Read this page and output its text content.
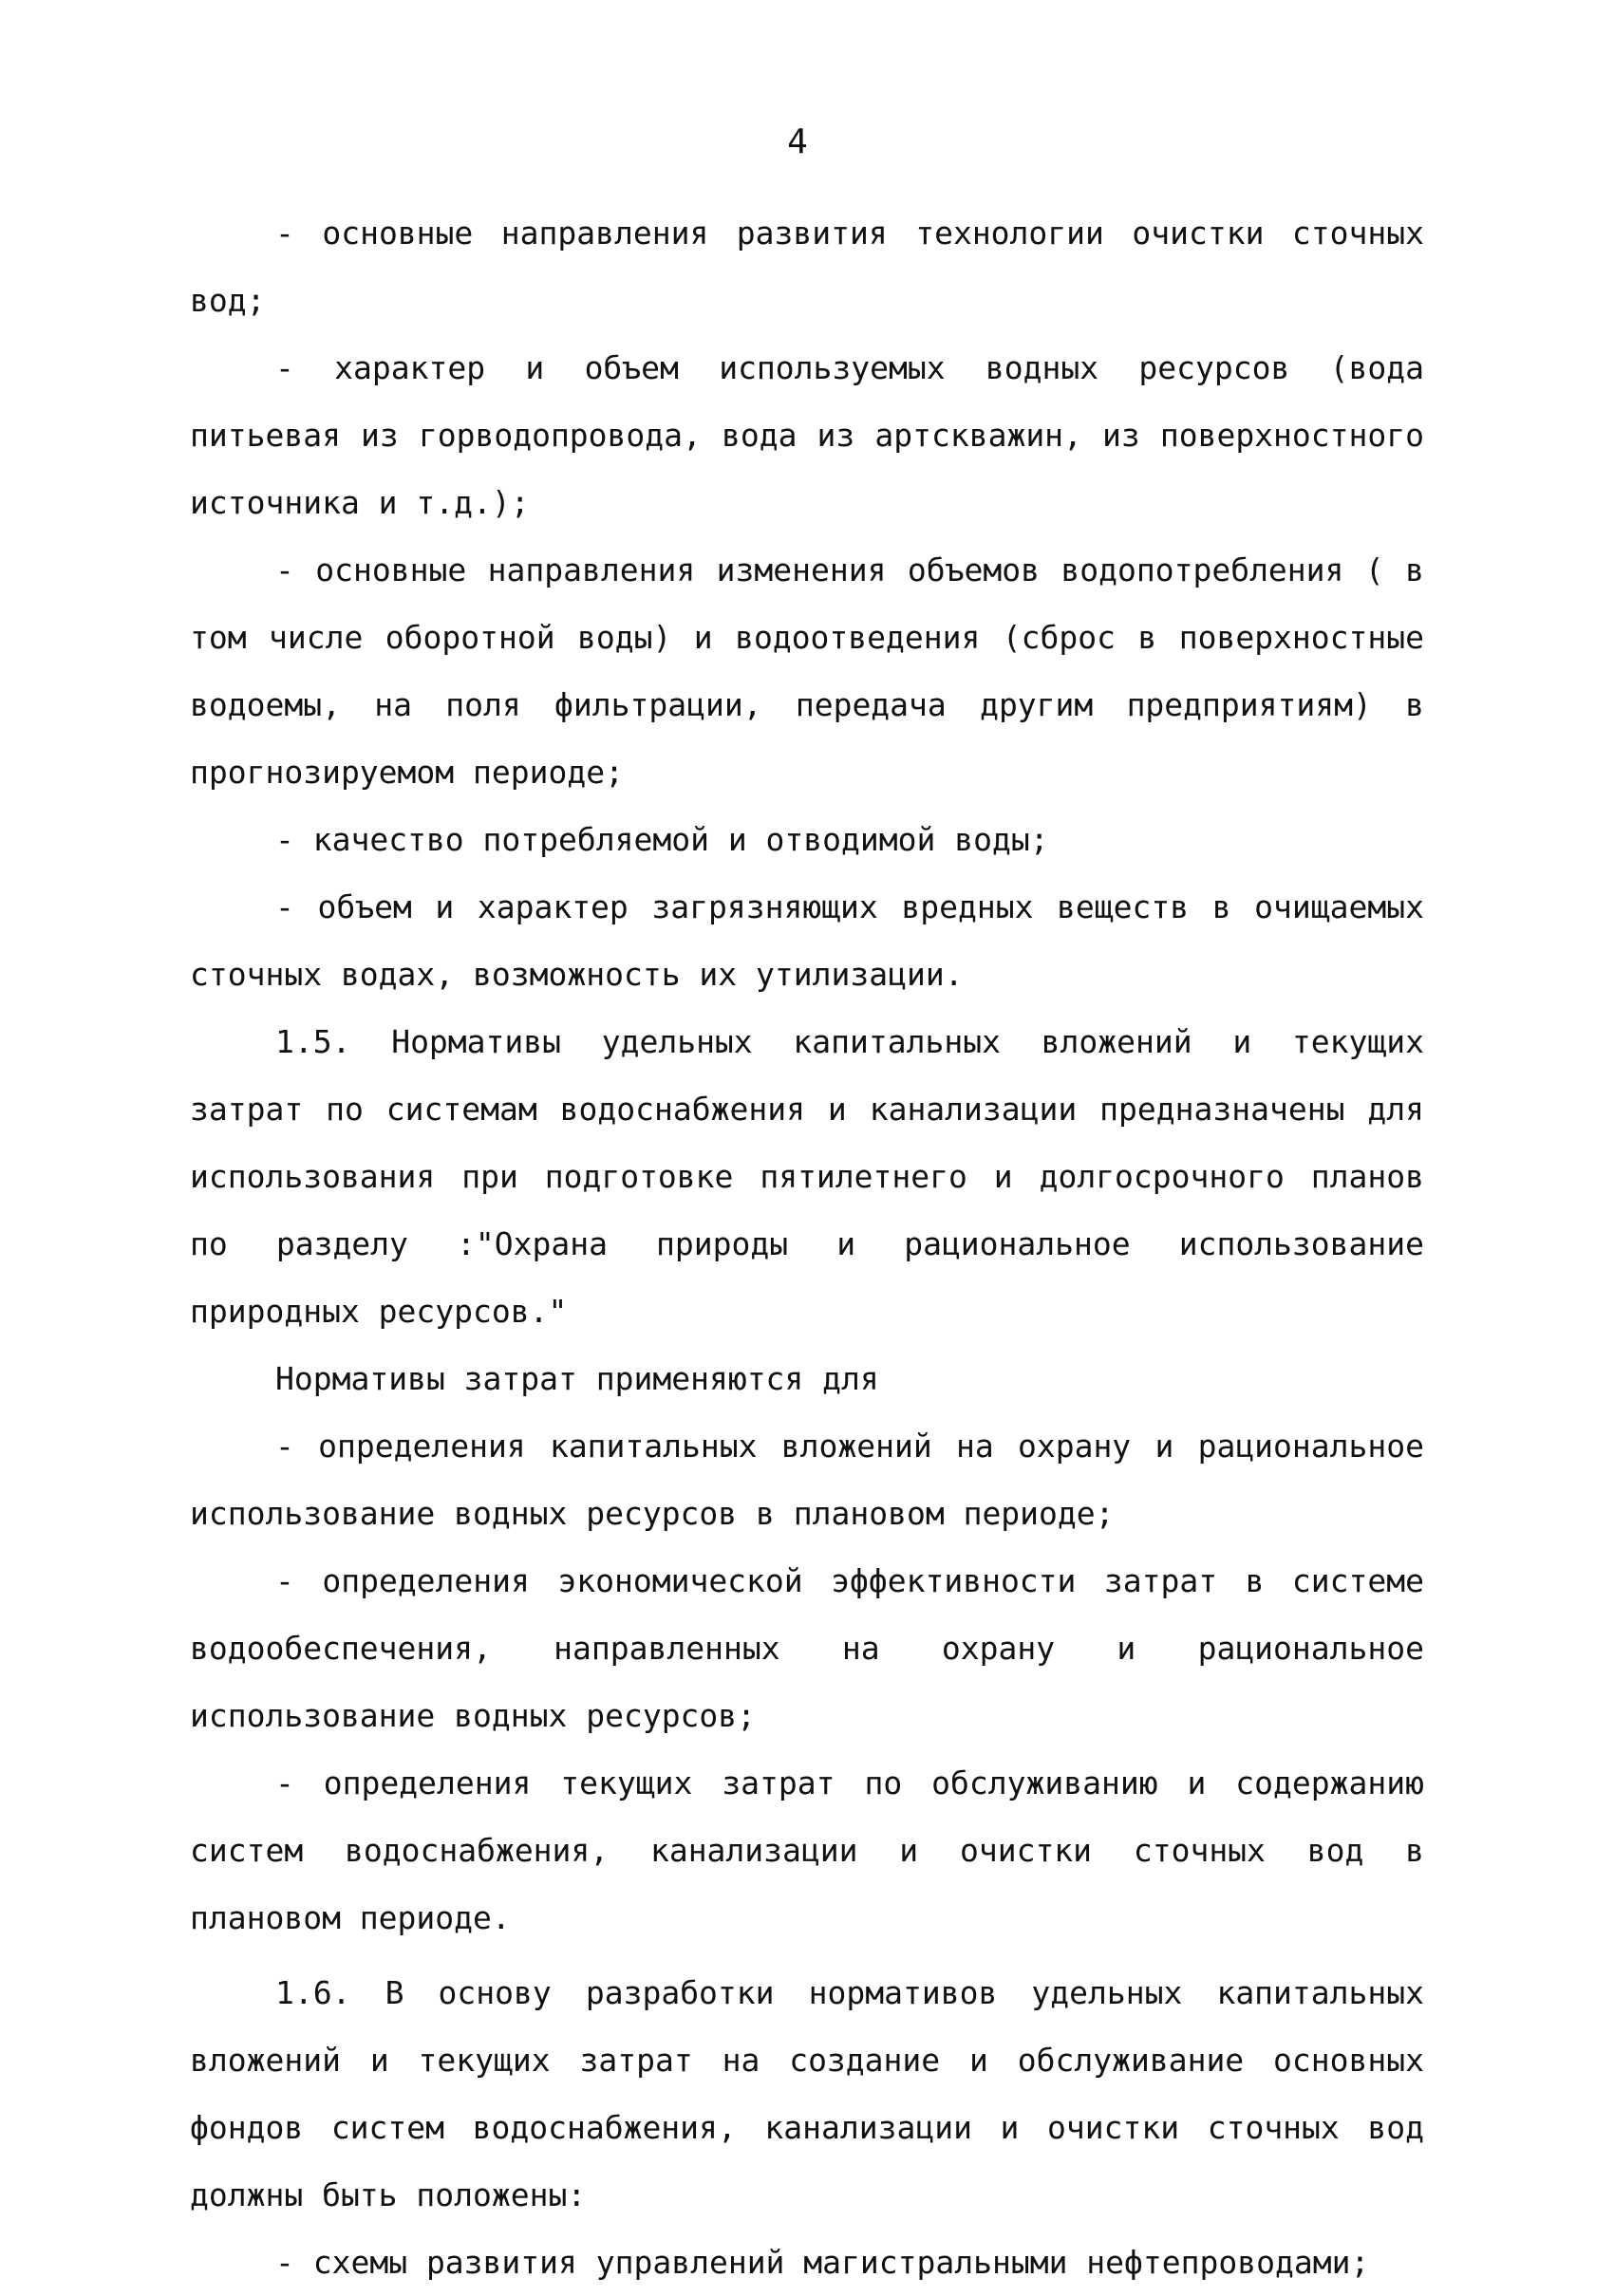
4

- основные направления развития технологии очистки сточных вод;

- характер и объем используемых водных ресурсов (вода питьевая из горводопровода, вода из артскважин, из поверхностного источника и т.д.);

- основные направления изменения объемов водопотребления ( в том числе оборотной воды) и водоотведения (сброс в поверхностные водоемы, на поля фильтрации, передача другим предприятиям) в прогнозируемом периоде;

- качество потребляемой и отводимой воды;

- объем и характер загрязняющих вредных веществ в очищаемых сточных водах, возможность их утилизации.

1.5. Нормативы удельных капитальных вложений и текущих затрат по системам водоснабжения и канализации предназначены для использования при подготовке пятилетнего и долгосрочного планов по разделу :"Охрана природы и рациональное использование природных ресурсов."

Нормативы затрат применяются для

- определения капитальных вложений на охрану и рациональное использование водных ресурсов в плановом периоде;

- определения экономической эффективности затрат в системе водообеспечения, направленных на охрану и рациональное использование водных ресурсов;

- определения текущих затрат по обслуживанию и содержанию систем водоснабжения, канализации и очистки сточных вод в плановом периоде.

1.6. В основу разработки нормативов удельных капитальных вложений и текущих затрат на создание и обслуживание основных фондов систем водоснабжения, канализации и очистки сточных вод должны быть положены:

- схемы развития управлений магистральными нефтепроводами;
